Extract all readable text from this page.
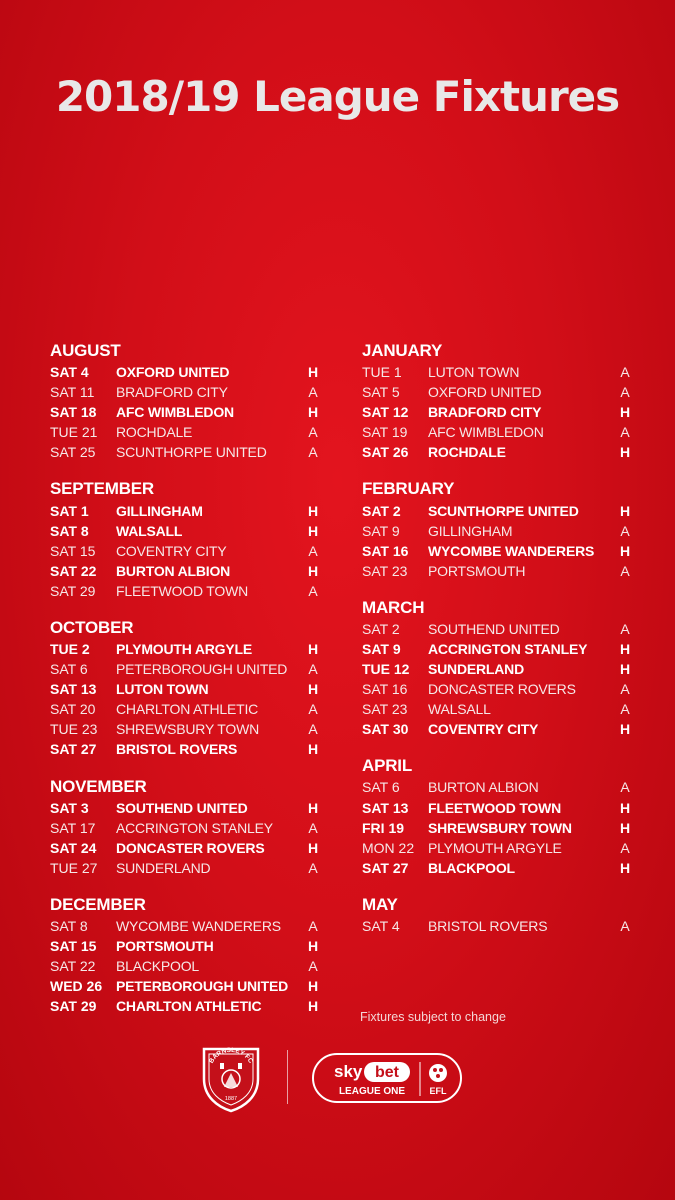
2018/19 League Fixtures
AUGUST
SAT 4	OXFORD UNITED	H
SAT 11	BRADFORD CITY	A
SAT 18	AFC WIMBLEDON	H
TUE 21	ROCHDALE	A
SAT 25	SCUNTHORPE UNITED	A
SEPTEMBER
SAT 1	GILLINGHAM	H
SAT 8	WALSALL	H
SAT 15	COVENTRY CITY	A
SAT 22	BURTON ALBION	H
SAT 29	FLEETWOOD TOWN	A
OCTOBER
TUE 2	PLYMOUTH ARGYLE	H
SAT 6	PETERBOROUGH UNITED	A
SAT 13	LUTON TOWN	H
SAT 20	CHARLTON ATHLETIC	A
TUE 23	SHREWSBURY TOWN	A
SAT 27	BRISTOL ROVERS	H
NOVEMBER
SAT 3	SOUTHEND UNITED	H
SAT 17	ACCRINGTON STANLEY	A
SAT 24	DONCASTER ROVERS	H
TUE 27	SUNDERLAND	A
DECEMBER
SAT 8	WYCOMBE WANDERERS	A
SAT 15	PORTSMOUTH	H
SAT 22	BLACKPOOL	A
WED 26 PETERBOROUGH UNITED	H
SAT 29	CHARLTON ATHLETIC	H
JANUARY
TUE 1	LUTON TOWN	A
SAT 5	OXFORD UNITED	A
SAT 12	BRADFORD CITY	H
SAT 19	AFC WIMBLEDON	A
SAT 26	ROCHDALE	H
FEBRUARY
SAT 2	SCUNTHORPE UNITED	H
SAT 9	GILLINGHAM	A
SAT 16	WYCOMBE WANDERERS	H
SAT 23	PORTSMOUTH	A
MARCH
SAT 2	SOUTHEND UNITED	A
SAT 9	ACCRINGTON STANLEY	H
TUE 12	SUNDERLAND	H
SAT 16	DONCASTER ROVERS	A
SAT 23	WALSALL	A
SAT 30	COVENTRY CITY	H
APRIL
SAT 6	BURTON ALBION	A
SAT 13	FLEETWOOD TOWN	H
FRI 19	SHREWSBURY TOWN	H
MON 22 PLYMOUTH ARGYLE	A
SAT 27	BLACKPOOL	H
MAY
SAT 4	BRISTOL ROVERS	A
Fixtures subject to change
BARNSLEY FC
1887
sky bet
LEAGUE ONE	EFL
